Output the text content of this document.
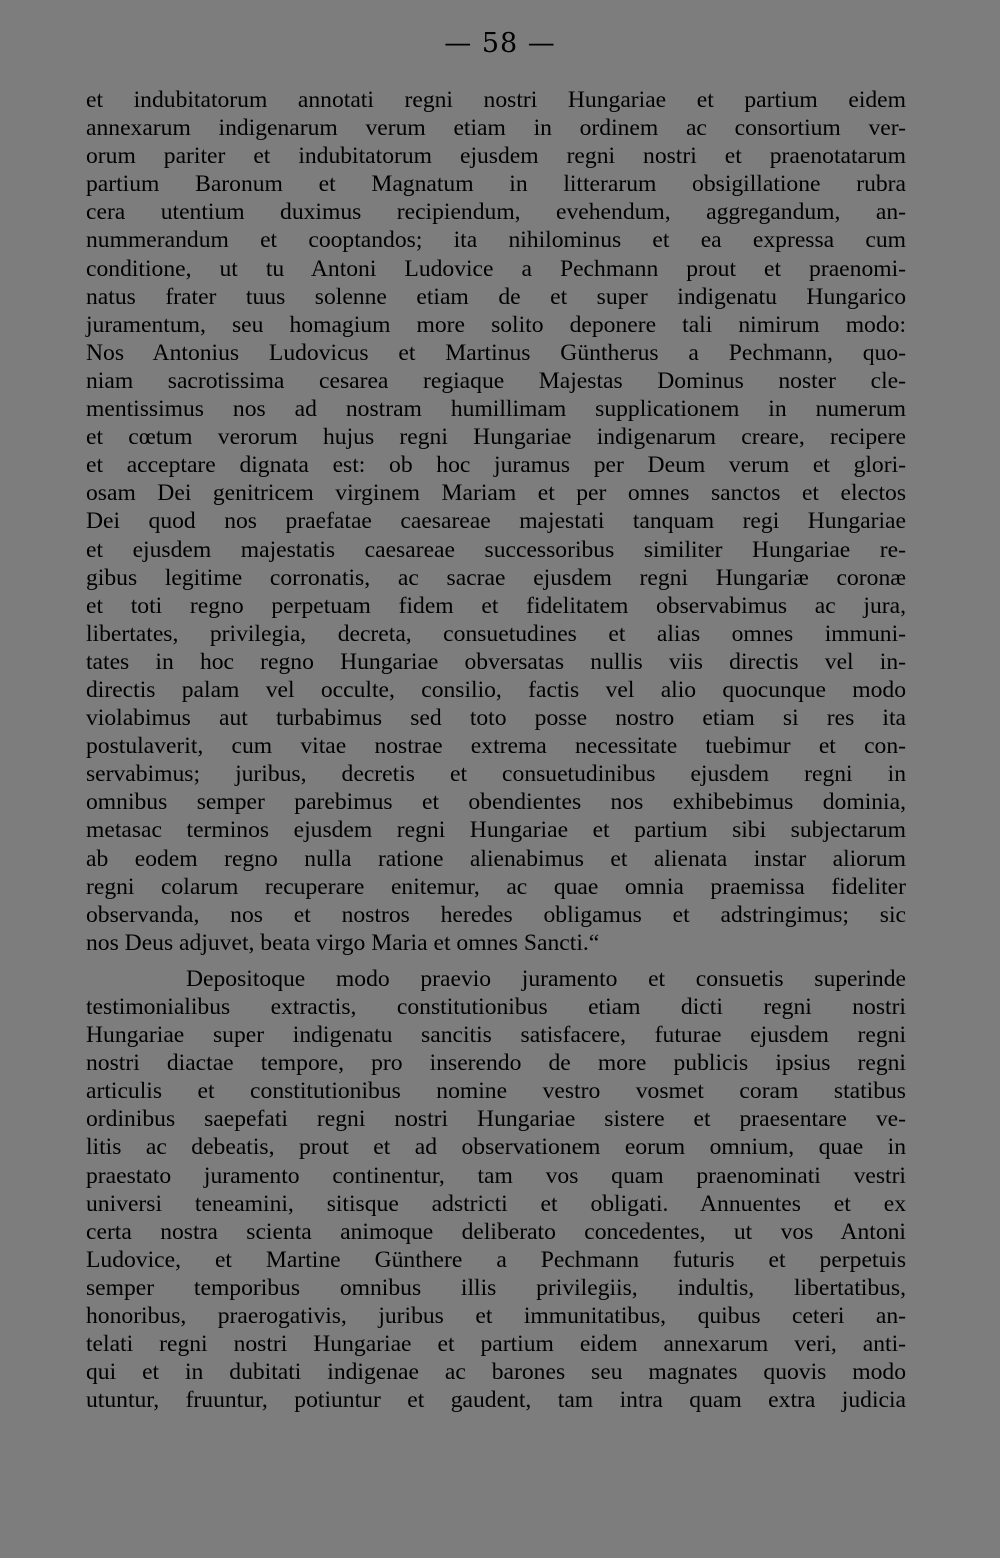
— 58 —
et indubitatorum annotati regni nostri Hungariae et partium eidem
annexarum indigenarum verum etiam in ordinem ac consortium ver-
orum pariter et indubitatorum ejusdem regni nostri et praenotatarum
partium Baronum et Magnatum in litterarum obsigillatione rubra
cera utentium duximus recipiendum, evehendum, aggregandum, an-
nummerandum et cooptandos; ita nihilominus et ea expressa cum
conditione, ut tu Antoni Ludovice a Pechmann prout et praenomi-
natus frater tuus solenne etiam de et super indigenatu Hungarico
juramentum, seu homagium more solito deponere tali nimirum modo:
Nos Antonius Ludovicus et Martinus Güntherus a Pechmann, quo-
niam sacrotissima cesarea regiaque Majestas Dominus noster cle-
mentissimus nos ad nostram humillimam supplicationem in numerum
et cœtum verorum hujus regni Hungariae indigenarum creare, recipere
et acceptare dignata est: ob hoc juramus per Deum verum et glori-
osam Dei genitricem virginem Mariam et per omnes sanctos et electos
Dei quod nos praefatae caesareae majestati tanquam regi Hungariae
et ejusdem majestatis caesareae successoribus similiter Hungariae re-
gibus legitime corronatis, ac sacrae ejusdem regni Hungariæ coronæ
et toti regno perpetuam fidem et fidelitatem observabimus ac jura,
libertates, privilegia, decreta, consuetudines et alias omnes immuni-
tates in hoc regno Hungariae obversatas nullis viis directis vel in-
directis palam vel occulte, consilio, factis vel alio quocunque modo
violabimus aut turbabimus sed toto posse nostro etiam si res ita
postulaverit, cum vitae nostrae extrema necessitate tuebimur et con-
servabimus; juribus, decretis et consuetudinibus ejusdem regni in
omnibus semper parebimus et obendientes nos exhibebimus dominia,
metasac terminos ejusdem regni Hungariae et partium sibi subjectarum
ab eodem regno nulla ratione alienabimus et alienata instar aliorum
regni colarum recuperare enitemur, ac quae omnia praemissa fideliter
observanda, nos et nostros heredes obligamus et adstringimus; sic
nos Deus adjuvet, beata virgo Maria et omnes Sancti.“
Depositoque modo praevio juramento et consuetis superinde
testimonialibus extractis, constitutionibus etiam dicti regni nostri
Hungariae super indigenatu sancitis satisfacere, futurae ejusdem regni
nostri diactae tempore, pro inserendo de more publicis ipsius regni
articulis et constitutionibus nomine vestro vosmet coram statibus
ordinibus saepefati regni nostri Hungariae sistere et praesentare ve-
litis ac debeatis, prout et ad observationem eorum omnium, quae in
praestato juramento continentur, tam vos quam praenominati vestri
universi teneamini, sitisque adstricti et obligati. Annuentes et ex
certa nostra scienta animoque deliberato concedentes, ut vos Antoni
Ludovice, et Martine Günthere a Pechmann futuris et perpetuis
semper temporibus omnibus illis privilegiis, indultis, libertatibus,
honoribus, praerogativis, juribus et immunitatibus, quibus ceteri an-
telati regni nostri Hungariae et partium eidem annexarum veri, anti-
qui et in dubitati indigenae ac barones seu magnates quovis modo
utuntur, fruuntur, potiuntur et gaudent, tam intra quam extra judicia
